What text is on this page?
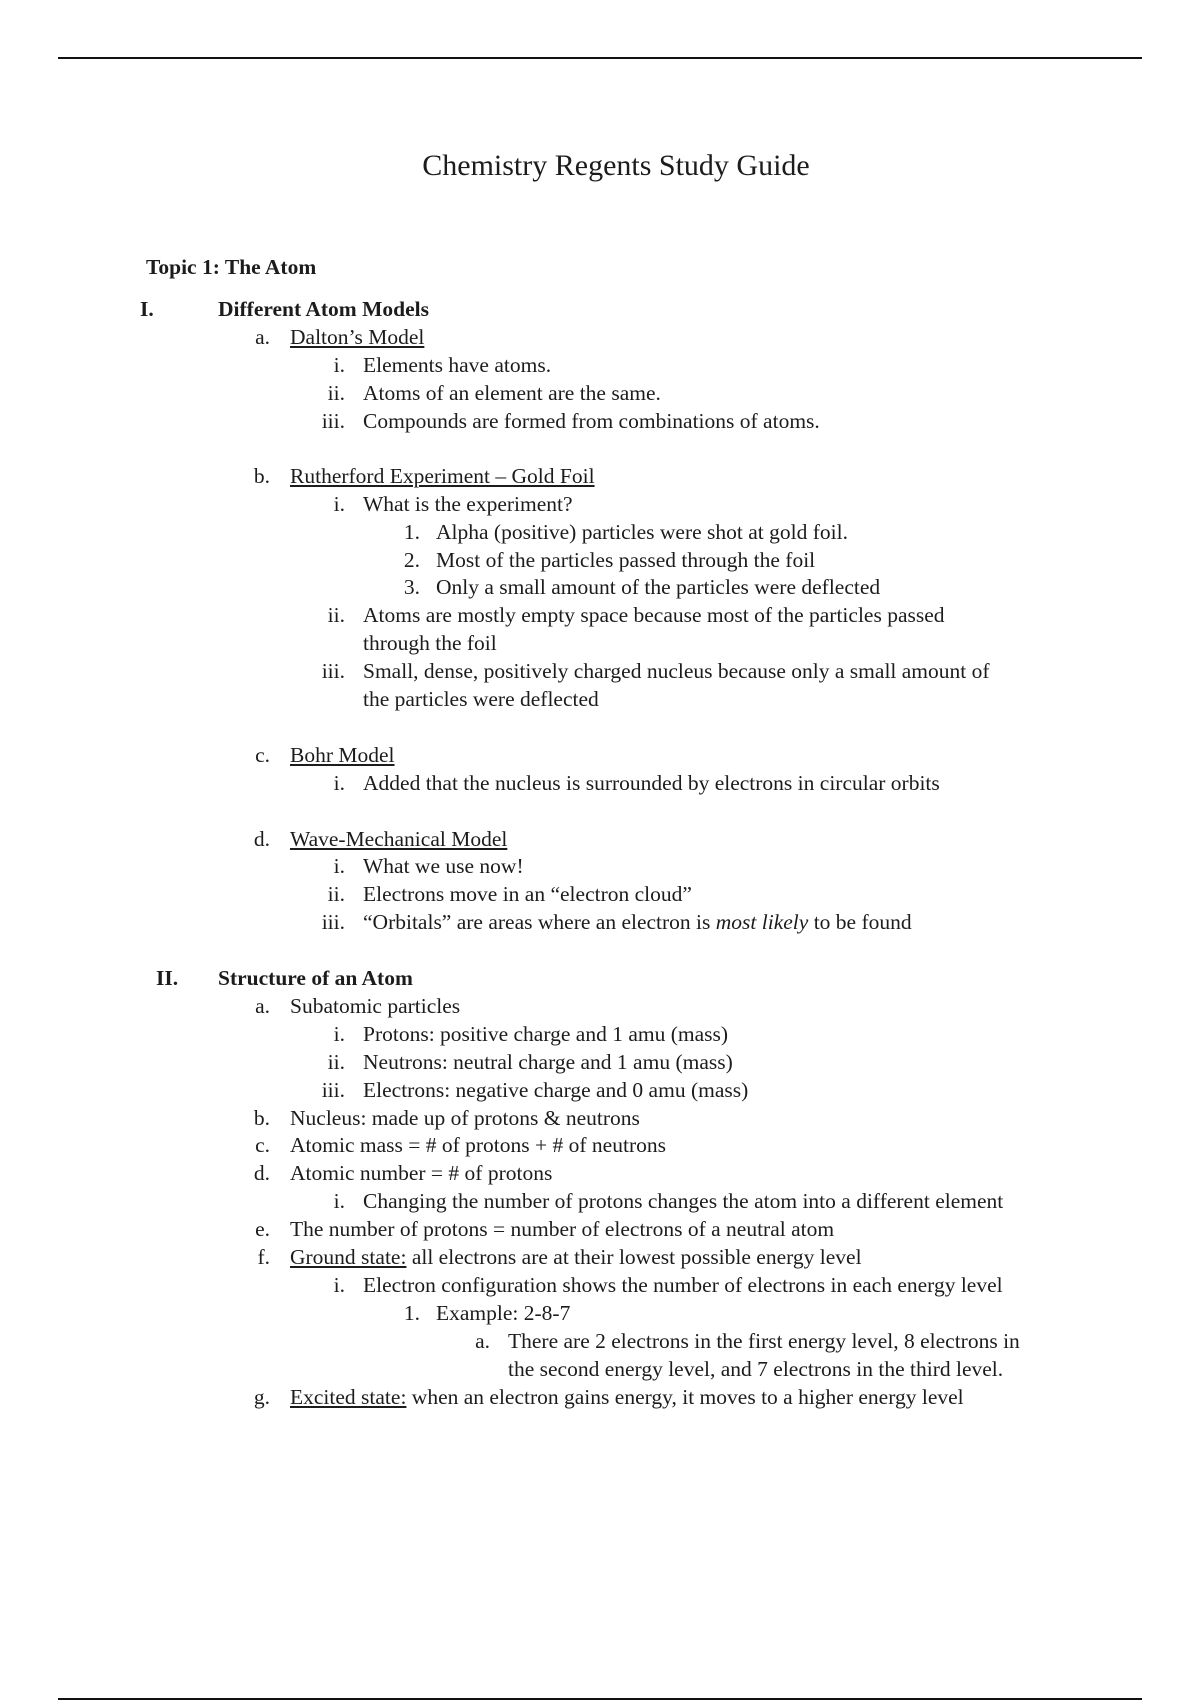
Chemistry Regents Study Guide
Topic 1: The Atom
I.	Different Atom Models
a. Dalton’s Model
i. Elements have atoms.
ii. Atoms of an element are the same.
iii. Compounds are formed from combinations of atoms.
b. Rutherford Experiment – Gold Foil
i. What is the experiment?
1. Alpha (positive) particles were shot at gold foil.
2. Most of the particles passed through the foil
3. Only a small amount of the particles were deflected
ii. Atoms are mostly empty space because most of the particles passed
through the foil
iii. Small, dense, positively charged nucleus because only a small amount of
the particles were deflected
c. Bohr Model
i. Added that the nucleus is surrounded by electrons in circular orbits
d. Wave-Mechanical Model
i. What we use now!
ii. Electrons move in an “electron cloud”
iii. “Orbitals” are areas where an electron is most likely to be found
II.	Structure of an Atom
a. Subatomic particles
i. Protons: positive charge and 1 amu (mass)
ii. Neutrons: neutral charge and 1 amu (mass)
iii. Electrons: negative charge and 0 amu (mass)
b. Nucleus: made up of protons & neutrons
c. Atomic mass = # of protons + # of neutrons
d. Atomic number = # of protons
i. Changing the number of protons changes the atom into a different element
e. The number of protons = number of electrons of a neutral atom
f. Ground state: all electrons are at their lowest possible energy level
i. Electron configuration shows the number of electrons in each energy level
1. Example: 2-8-7
a. There are 2 electrons in the first energy level, 8 electrons in
the second energy level, and 7 electrons in the third level.
g. Excited state: when an electron gains energy, it moves to a higher energy level
